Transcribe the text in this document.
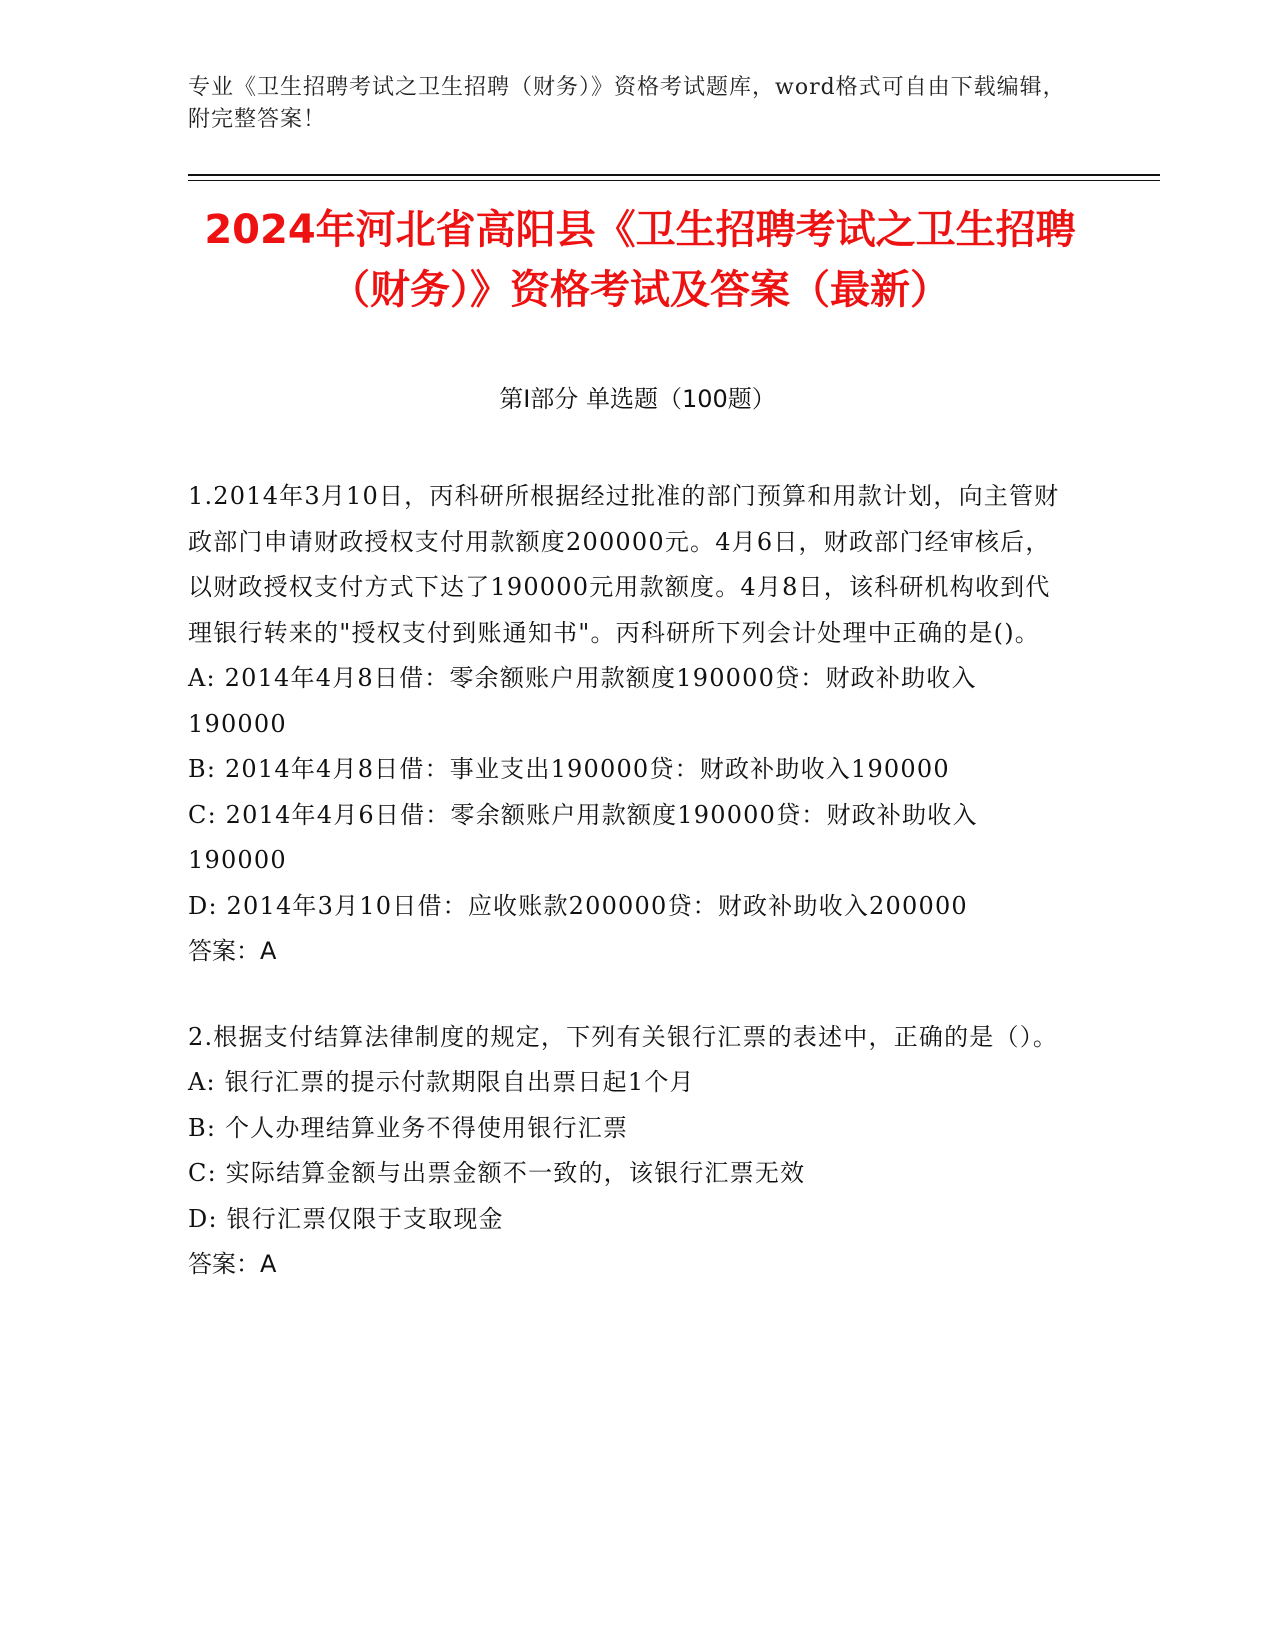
专业《卫生招聘考试之卫生招聘（财务）》资格考试题库，word格式可自由下载编辑，附完整答案！
2024年河北省高阳县《卫生招聘考试之卫生招聘（财务）》资格考试及答案（最新）
第I部分 单选题（100题）

1.2014年3月10日，丙科研所根据经过批准的部门预算和用款计划，向主管财政部门申请财政授权支付用款额度200000元。4月6日，财政部门经审核后，以财政授权支付方式下达了190000元用款额度。4月8日，该科研机构收到代理银行转来的"授权支付到账通知书"。丙科研所下列会计处理中正确的是()。

A: 2014年4月8日借：零余额账户用款额度190000贷：财政补助收入190000

B: 2014年4月8日借：事业支出190000贷：财政补助收入190000

C: 2014年4月6日借：零余额账户用款额度190000贷：财政补助收入190000

D: 2014年3月10日借：应收账款200000贷：财政补助收入200000

答案：A

2.根据支付结算法律制度的规定，下列有关银行汇票的表述中，正确的是（）。

A: 银行汇票的提示付款期限自出票日起1个月

B: 个人办理结算业务不得使用银行汇票

C: 实际结算金额与出票金额不一致的，该银行汇票无效

D: 银行汇票仅限于支取现金

答案：A
